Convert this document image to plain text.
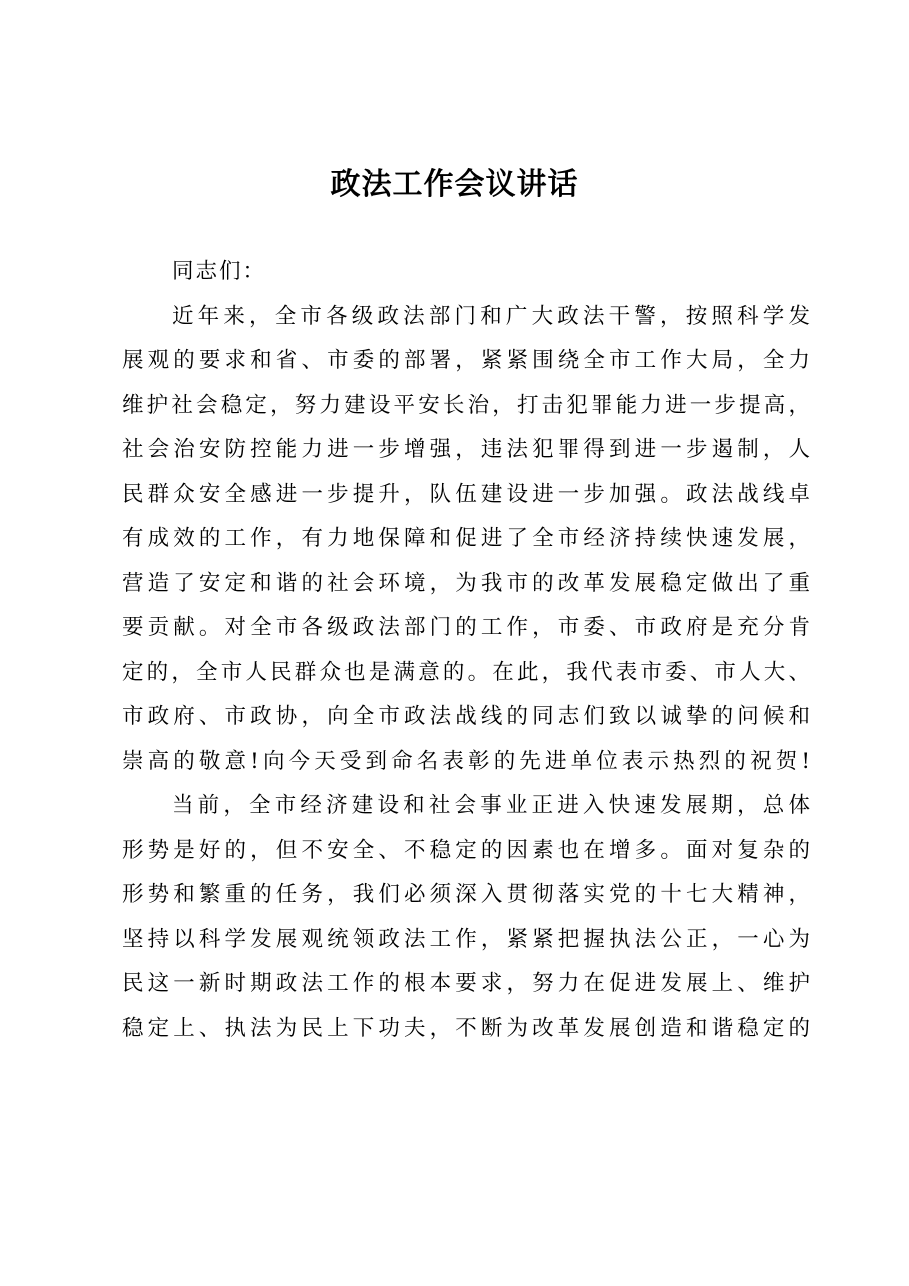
政法工作会议讲话
同志们：
近年来，全市各级政法部门和广大政法干警，按照科学发
展观的要求和省、市委的部署，紧紧围绕全市工作大局，全力
维护社会稳定，努力建设平安长治，打击犯罪能力进一步提高，
社会治安防控能力进一步增强，违法犯罪得到进一步遏制，人
民群众安全感进一步提升，队伍建设进一步加强。政法战线卓
有成效的工作，有力地保障和促进了全市经济持续快速发展，
营造了安定和谐的社会环境，为我市的改革发展稳定做出了重
要贡献。对全市各级政法部门的工作，市委、市政府是充分肯
定的，全市人民群众也是满意的。在此，我代表市委、市人大、
市政府、市政协，向全市政法战线的同志们致以诚挚的问候和
崇高的敬意!向今天受到命名表彰的先进单位表示热烈的祝贺!
当前，全市经济建设和社会事业正进入快速发展期，总体
形势是好的，但不安全、不稳定的因素也在增多。面对复杂的
形势和繁重的任务，我们必须深入贯彻落实党的十七大精神，
坚持以科学发展观统领政法工作，紧紧把握执法公正，一心为
民这一新时期政法工作的根本要求，努力在促进发展上、维护
稳定上、执法为民上下功夫，不断为改革发展创造和谐稳定的
